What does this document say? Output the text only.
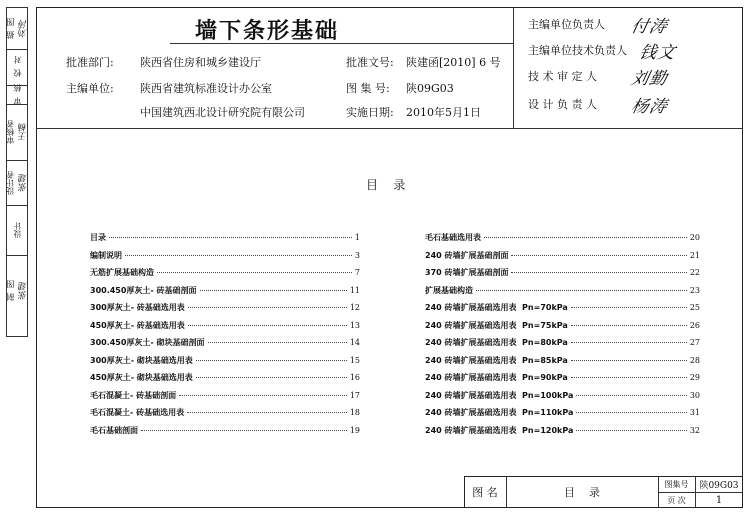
描  图 刘涛
校  对
审  核
审核者 王楠
设计者 张建
设计
制  图 张建
墙下条形基础
批准部门: 陕西省住房和城乡建设厅	批准文号: 陕建函[2010] 6 号
主编单位: 陕西省建筑标准设计办公室	图 集 号: 陕09G03
中国建筑西北设计研究院有限公司	实施日期: 2010年5月1日
主编单位负责人 付涛
主编单位技术负责人 钱文
技 术 审 定 人 刘勤
设 计 负 责 人 杨涛
目    录
目录	1
编制说明	3
无筋扩展基础构造	7
300.450厚灰土- 砖基础剖面	11
300厚灰土- 砖基础选用表	12
450厚灰土- 砖基础选用表	13
300.450厚灰土- 砌块基础剖面	14
300厚灰土- 砌块基础选用表	15
450厚灰土- 砌块基础选用表	16
毛石混凝土- 砖基础剖面	17
毛石混凝土- 砖基础选用表	18
毛石基础剖面	19
毛石基础选用表	20
240 砖墙扩展基础剖面	21
370 砖墙扩展基础剖面	22
扩展基础构造	23
240 砖墙扩展基础选用表  Pn=70kPa	25
240 砖墙扩展基础选用表  Pn=75kPa	26
240 砖墙扩展基础选用表  Pn=80kPa	27
240 砖墙扩展基础选用表  Pn=85kPa	28
240 砖墙扩展基础选用表  Pn=90kPa	29
240 砖墙扩展基础选用表  Pn=100kPa	30
240 砖墙扩展基础选用表  Pn=110kPa	31
240 砖墙扩展基础选用表  Pn=120kPa	32
图 名	目    录
图集号	陕09G03
页 次	1
